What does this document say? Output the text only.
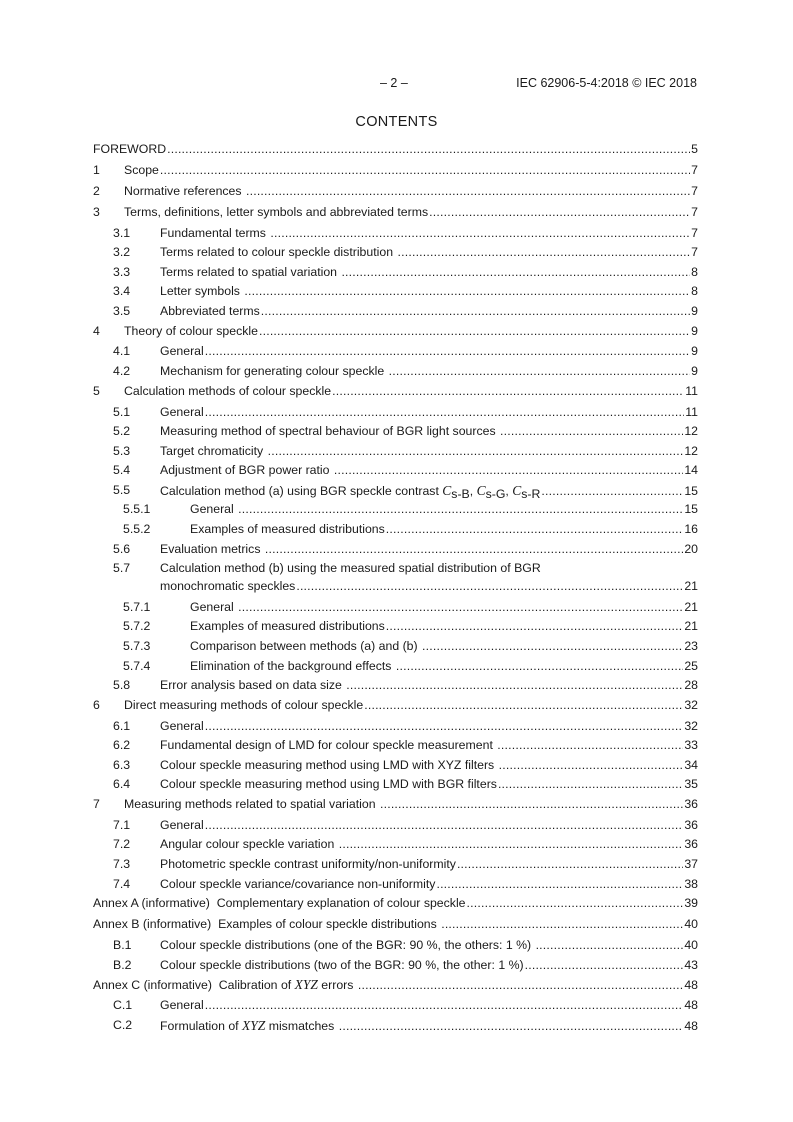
– 2 –	IEC 62906-5-4:2018 © IEC 2018
CONTENTS
FOREWORD .....	5
1 Scope .....	7
2 Normative references .....	7
3 Terms, definitions, letter symbols and abbreviated terms .....	7
3.1 Fundamental terms .....	7
3.2 Terms related to colour speckle distribution .....	7
3.3 Terms related to spatial variation .....	8
3.4 Letter symbols .....	8
3.5 Abbreviated terms .....	9
4 Theory of colour speckle .....	9
4.1 General .....	9
4.2 Mechanism for generating colour speckle .....	9
5 Calculation methods of colour speckle .....	11
5.1 General .....	11
5.2 Measuring method of spectral behaviour of BGR light sources .....	12
5.3 Target chromaticity .....	12
5.4 Adjustment of BGR power ratio .....	14
5.5 Calculation method (a) using BGR speckle contrast Cs-B, Cs-G, Cs-R .....	15
5.5.1	General .....	15
5.5.2	Examples of measured distributions .....	16
5.6 Evaluation metrics .....	20
5.7 Calculation method (b) using the measured spatial distribution of BGR
monochromatic speckles .....	21
5.7.1	General .....	21
5.7.2	Examples of measured distributions .....	21
5.7.3	Comparison between methods (a) and (b) .....	23
5.7.4	Elimination of the background effects .....	25
5.8 Error analysis based on data size .....	28
6 Direct measuring methods of colour speckle .....	32
6.1 General .....	32
6.2 Fundamental design of LMD for colour speckle measurement .....	33
6.3 Colour speckle measuring method using LMD with XYZ filters .....	34
6.4 Colour speckle measuring method using LMD with BGR filters .....	35
7 Measuring methods related to spatial variation .....	36
7.1 General .....	36
7.2 Angular colour speckle variation .....	36
7.3 Photometric speckle contrast uniformity/non-uniformity .....	37
7.4 Colour speckle variance/covariance non-uniformity .....	38
Annex A (informative)  Complementary explanation of colour speckle .....	39
Annex B (informative)  Examples of colour speckle distributions .....	40
B.1 Colour speckle distributions (one of the BGR: 90 %, the others: 1 %) .....	40
B.2 Colour speckle distributions (two of the BGR: 90 %, the other: 1 %) .....	43
Annex C (informative)  Calibration of XYZ errors .....	48
C.1 General .....	48
C.2 Formulation of XYZ mismatches .....	48
